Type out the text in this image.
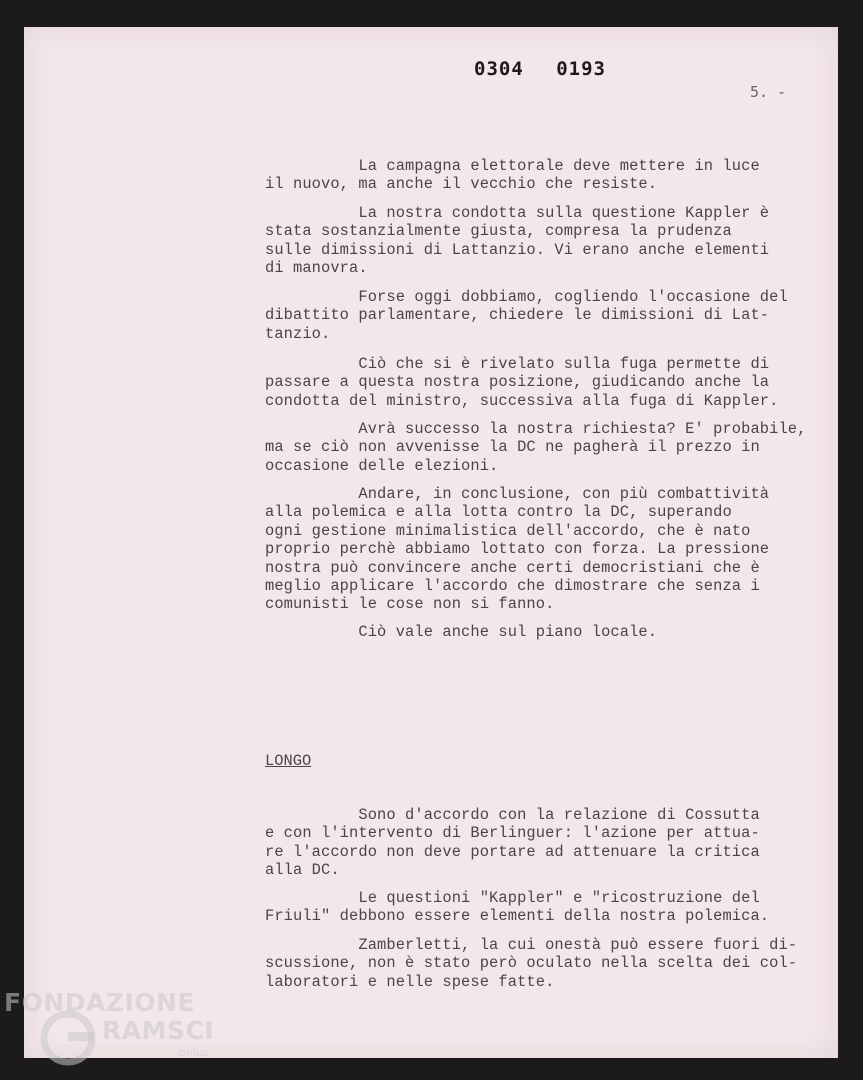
0304 0193
5. -

La campagna elettorale deve mettere in luce
il nuovo, ma anche il vecchio che resiste.

La nostra condotta sulla questione Kappler è
stata sostanzialmente giusta, compresa la prudenza
sulle dimissioni di Lattanzio. Vi erano anche elementi
di manovra.

Forse oggi dobbiamo, cogliendo l'occasione del
dibattito parlamentare, chiedere le dimissioni di Lat-
tanzio.

Ciò che si è rivelato sulla fuga permette di
passare a questa nostra posizione, giudicando anche la
condotta del ministro, successiva alla fuga di Kappler.

Avrà successo la nostra richiesta? E' probabile,
ma se ciò non avvenisse la DC ne pagherà il prezzo in
occasione delle elezioni.

Andare, in conclusione, con più combattività
alla polemica e alla lotta contro la DC, superando
ogni gestione minimalistica dell'accordo, che è nato
proprio perchè abbiamo lottato con forza. La pressione
nostra può convincere anche certi democristiani che è
meglio applicare l'accordo che dimostrare che senza i
comunisti le cose non si fanno.

Ciò vale anche sul piano locale.

LONGO

Sono d'accordo con la relazione di Cossutta
e con l'intervento di Berlinguer: l'azione per attua-
re l'accordo non deve portare ad attenuare la critica
alla DC.

Le questioni "Kappler" e "ricostruzione del
Friuli" debbono essere elementi della nostra polemica.

Zamberletti, la cui onestà può essere fuori di-
scussione, non è stato però oculato nella scelta dei col-
laboratori e nelle spese fatte.

FONDAZIONE
RAMSCI
onlus
